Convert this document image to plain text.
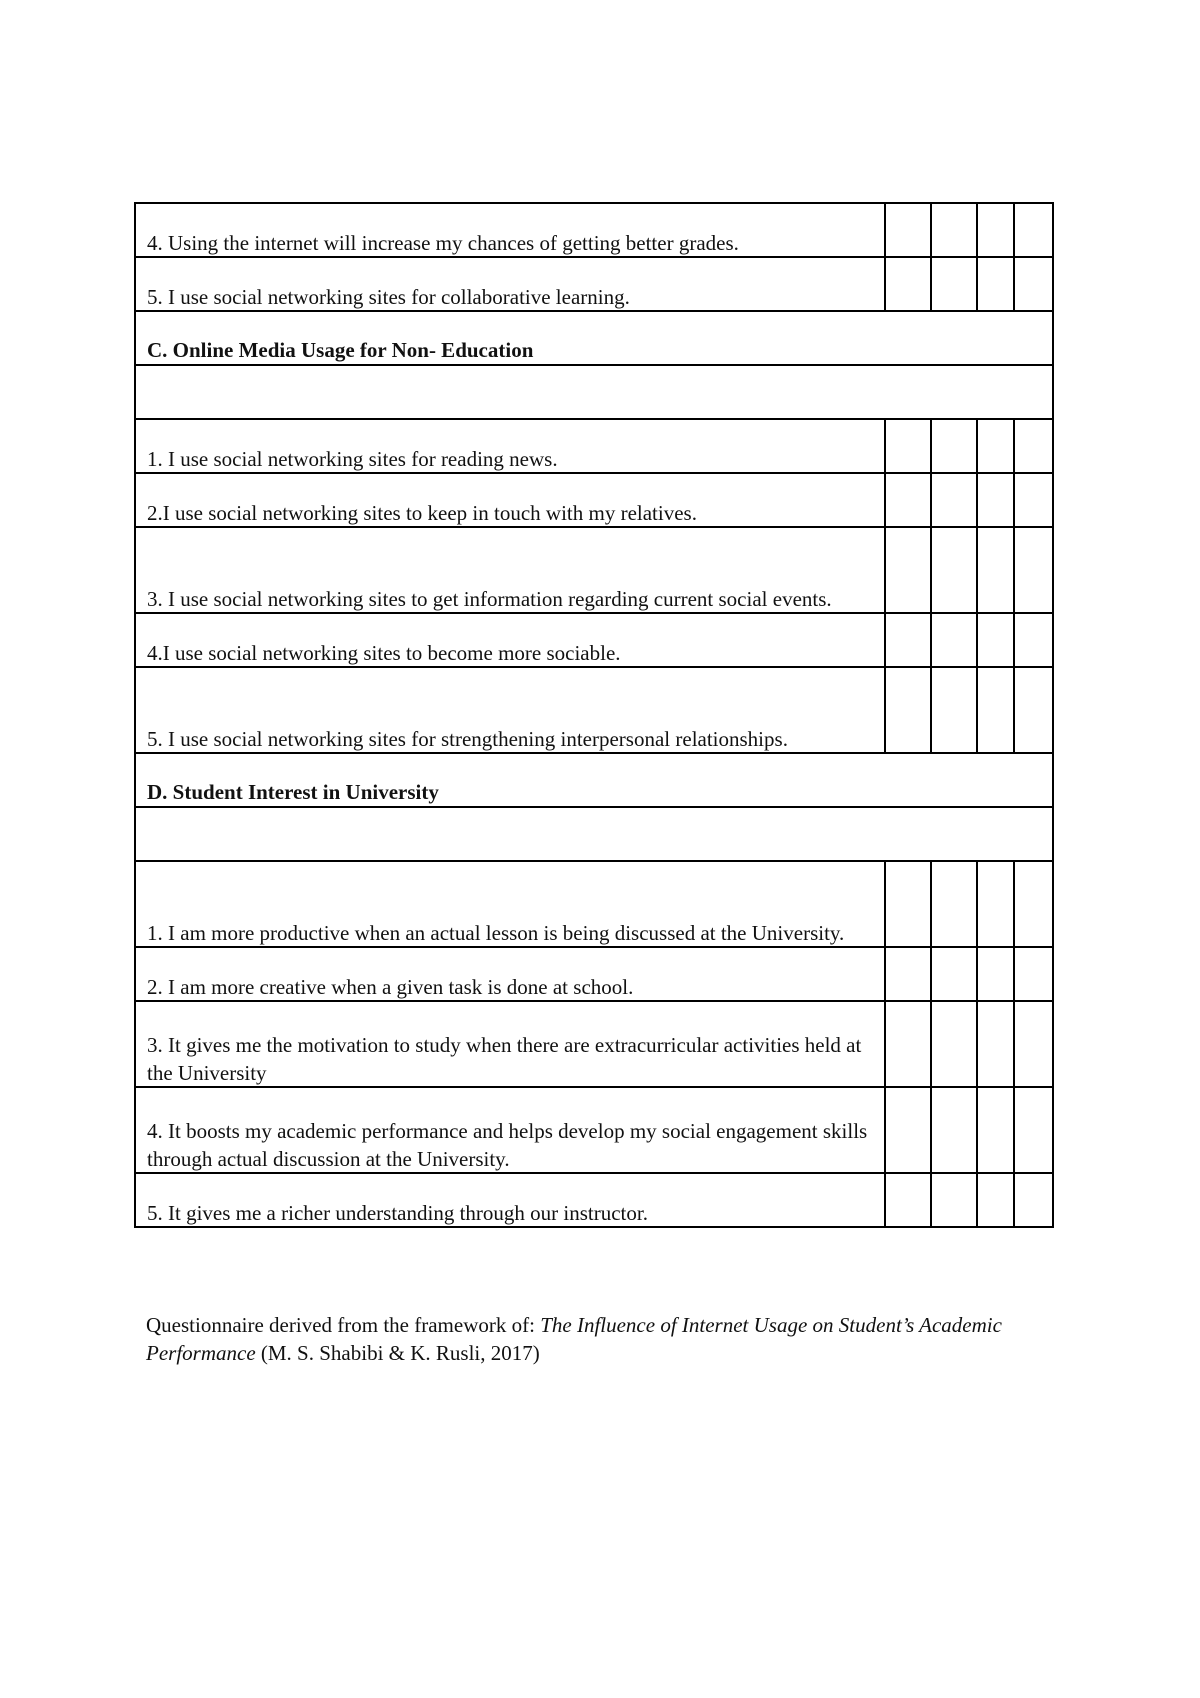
4. Using the internet will increase my chances of getting better grades.				

5. I use social networking sites for collaborative learning.				

C. Online Media Usage for Non- Education				

1. I use social networking sites for reading news.				

2.I use social networking sites to keep in touch with my relatives.				

3. I use social networking sites to get information regarding current social events.				

4.I use social networking sites to become more sociable.				

5. I use social networking sites for strengthening interpersonal relationships.				

D. Student Interest in University				

1. I am more productive when an actual lesson is being discussed at the University.				

2. I am more creative when a given task is done at school.				

3. It gives me the motivation to study when there are extracurricular activities held at the University				

4. It boosts my academic performance and helps develop my social engagement skills through actual discussion at the University.				

5. It gives me a richer understanding through our instructor.				

Questionnaire derived from the framework of: The Influence of Internet Usage on Student’s Academic Performance (M. S. Shabibi & K. Rusli, 2017)
